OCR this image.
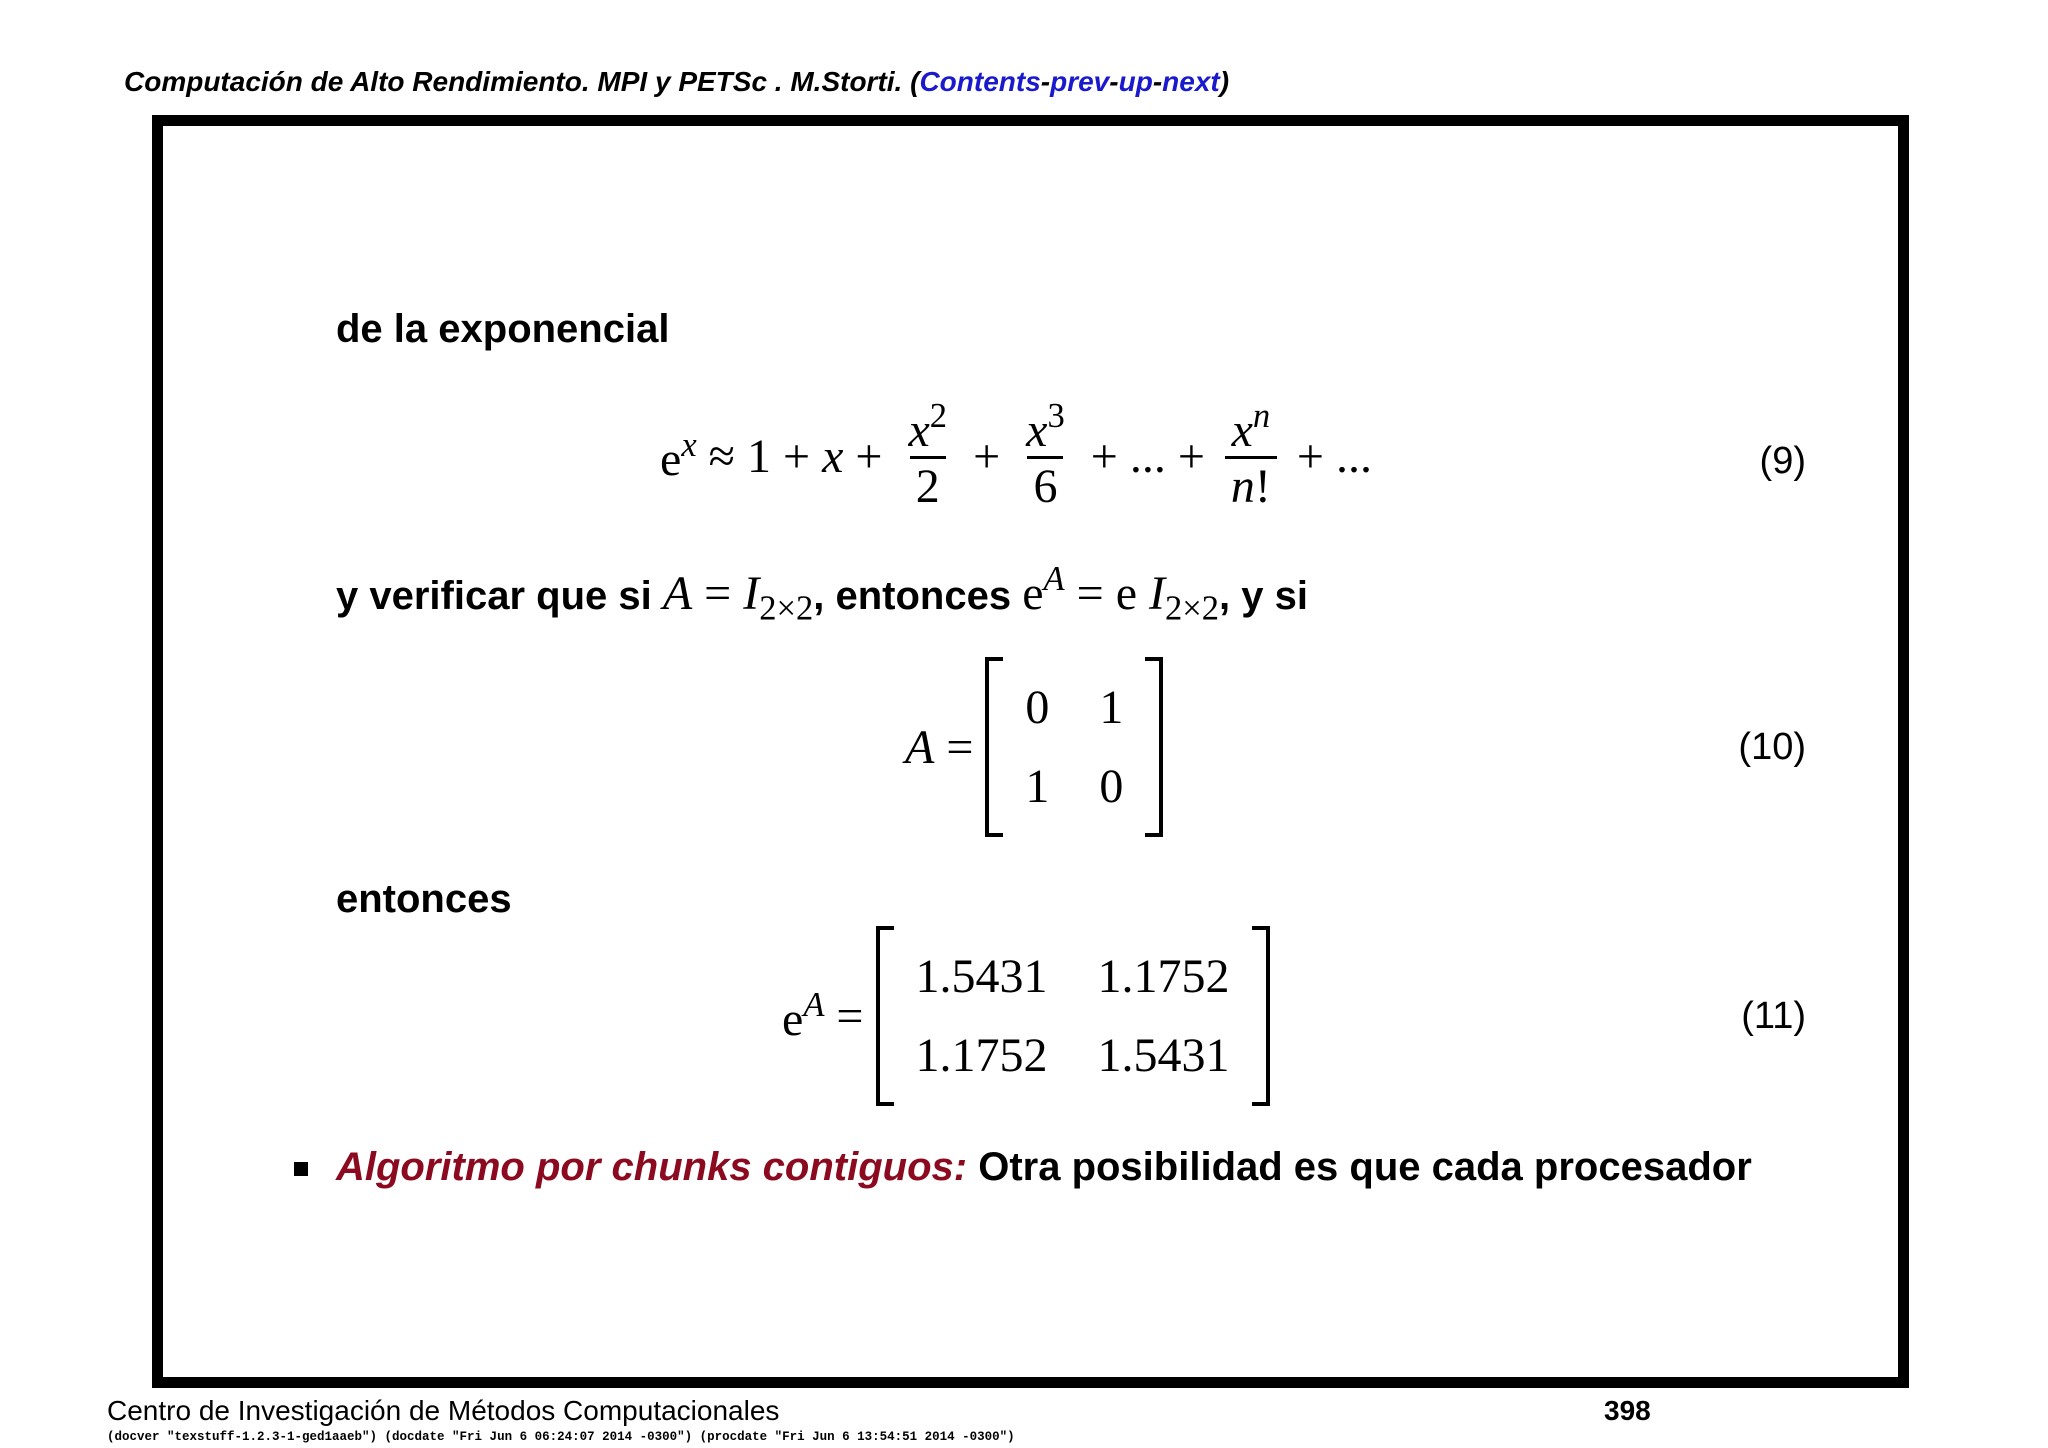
Computación de Alto Rendimiento. MPI y PETSc . M.Storti. (Contents-prev-up-next)
de la exponencial
$e^x \approx 1 + x + \frac{x^2}{2} + \frac{x^3}{6}$ + ... + $\frac{x^n}{n!}$ + ...	(9)
y verificar que si $A = I_{2\times 2}$, entonces $e^A = e$ $I_{2\times 2}$, y si
A =
0 1
1 0
(10)
entonces
$e^A$ =
1.5431 1.1752
1.1752 1.5431
(11)
Algoritmo por chunks contiguos: Otra posibilidad es que cada procesador
Centro de Investigación de Métodos Computacionales	398
(docver "texstuff-1.2.3-1-ged1aaeb") (docdate "Fri Jun 6 06:24:07 2014 -0300") (procdate "Fri Jun 6 13:54:51 2014 -0300")
